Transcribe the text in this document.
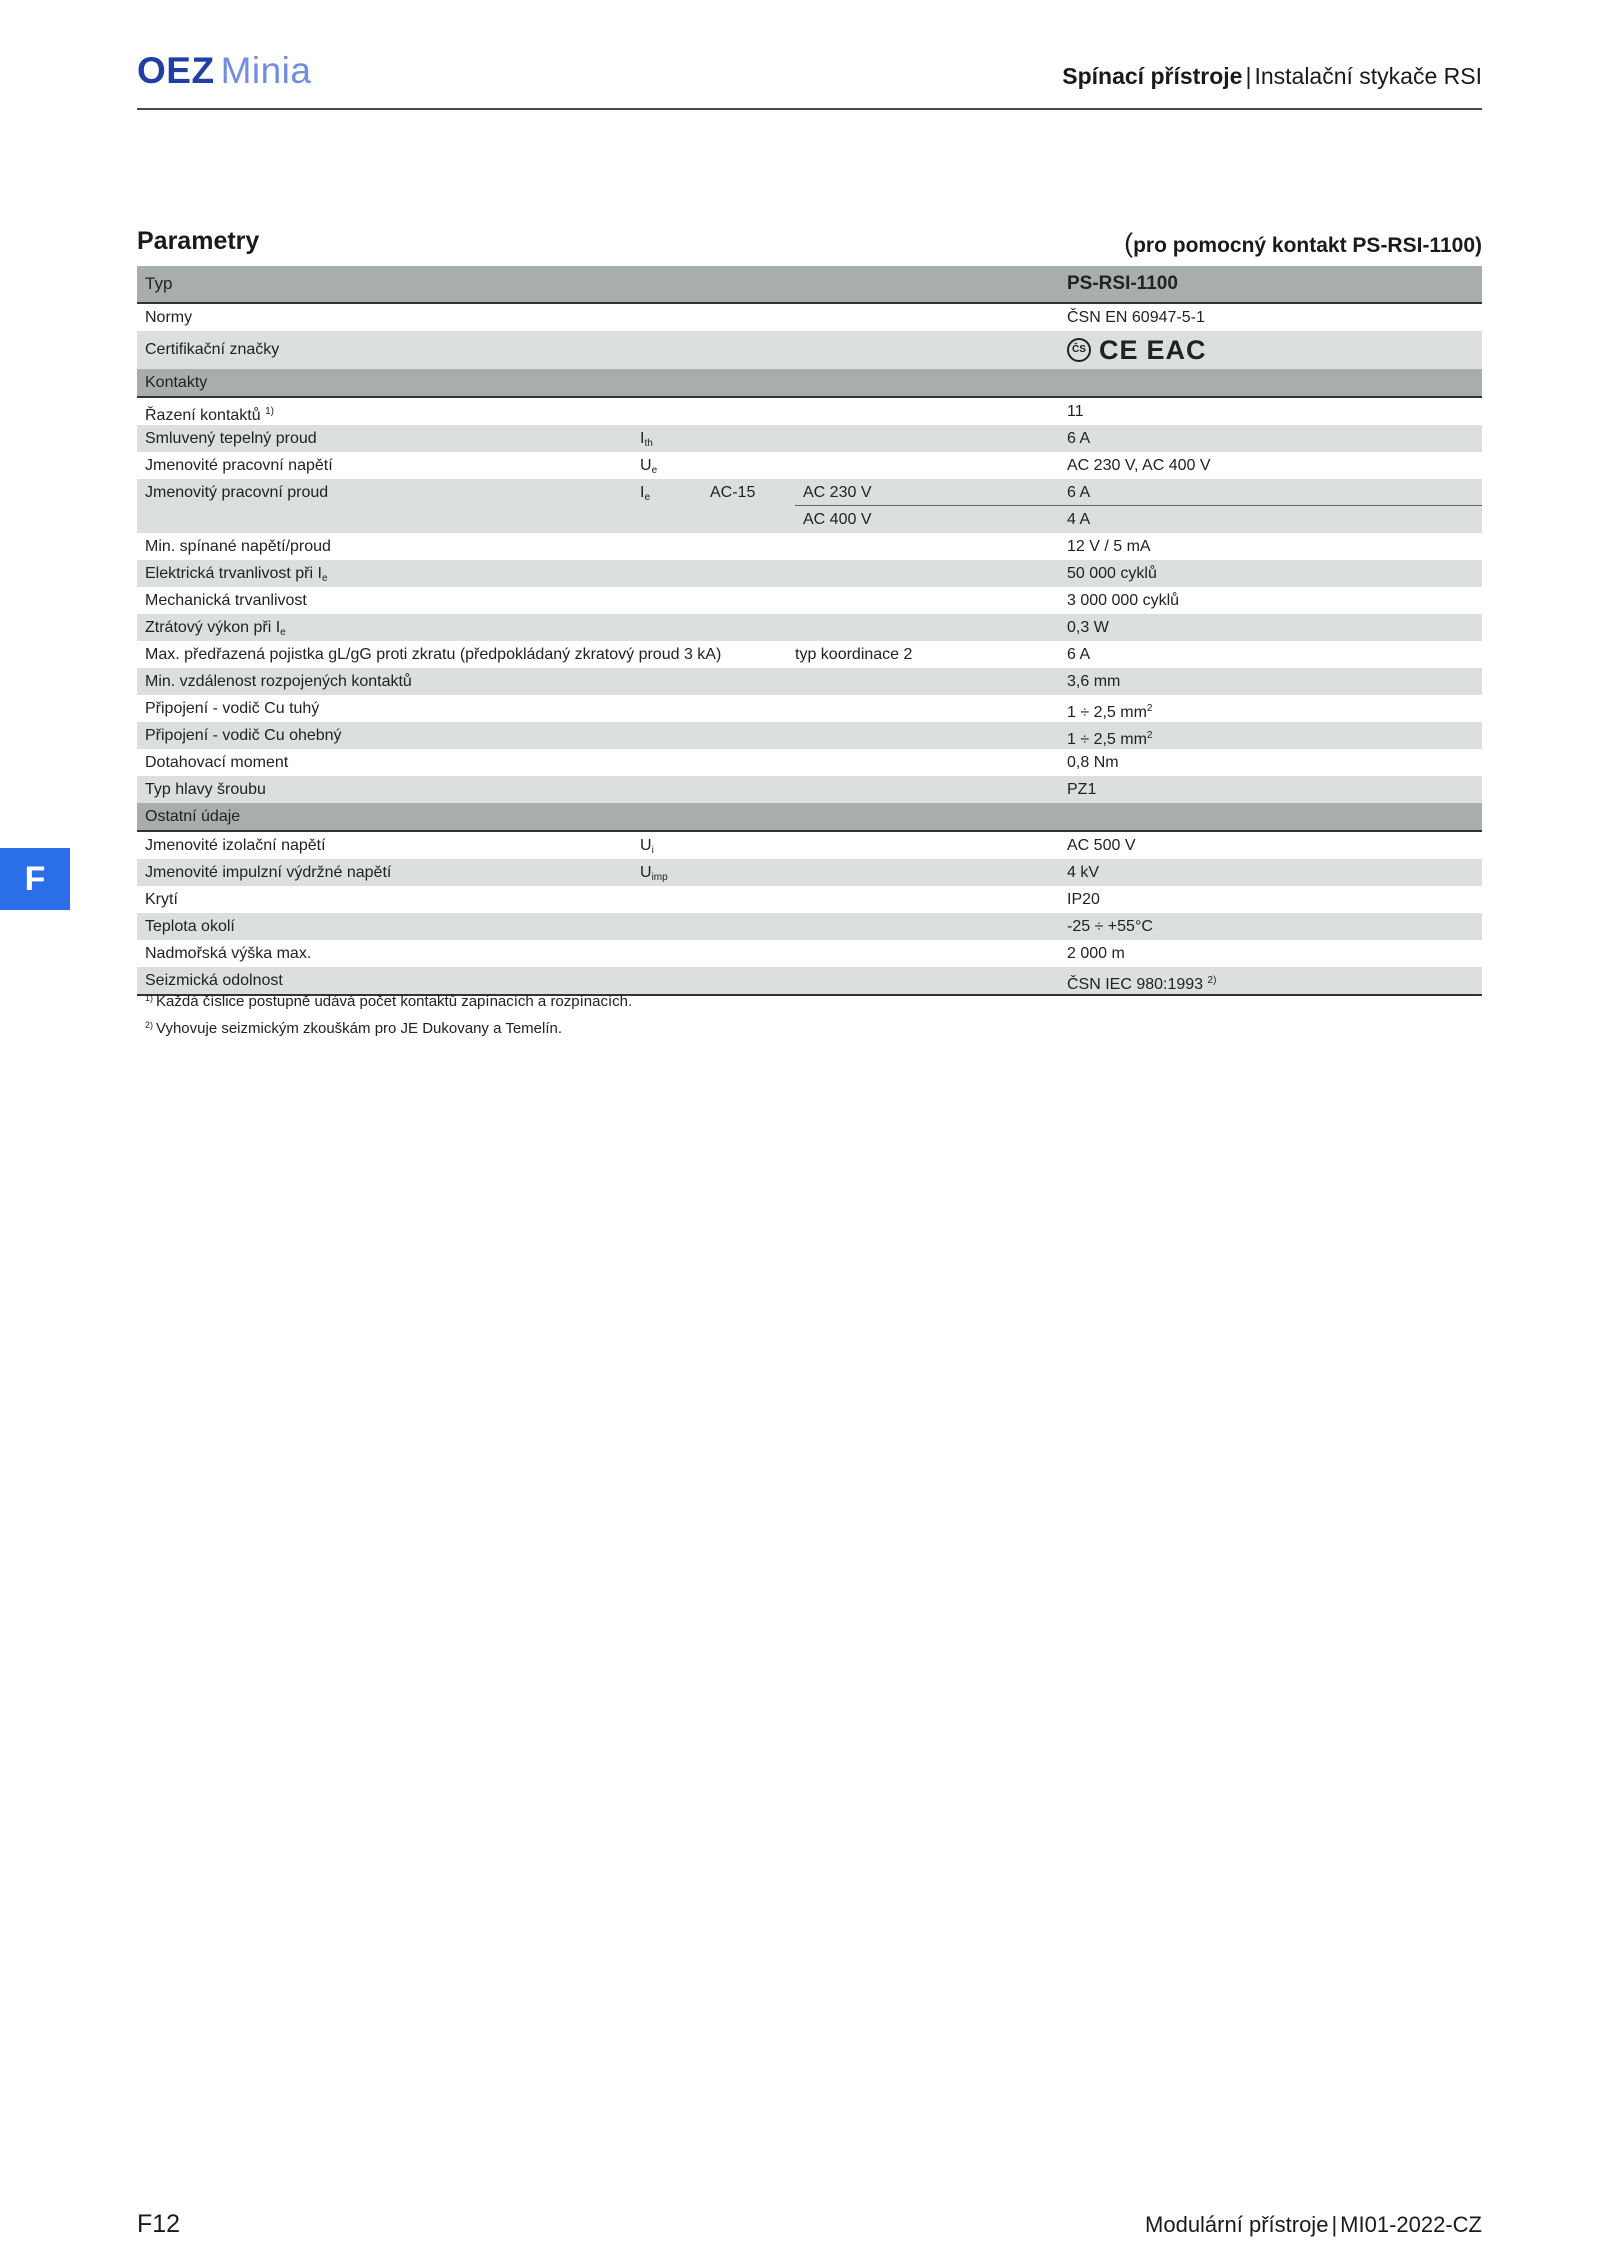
OEZ Minia	Spínací přístroje | Instalační stykače RSI
Parametry	(pro pomocný kontakt PS-RSI-1100)
Typ	PS-RSI-1100
Normy	ČSN EN 60947-5-1
Certifikační značky	ČS CE EAC
Kontakty
Řazení kontaktů $^{1)}$	11
Smluvený tepelný proud	$I_{th}$	6 A
Jmenovité pracovní napětí	$U_e$	AC 230 V, AC 400 V
Jmenovitý pracovní proud	$I_e$	AC-15	AC 230 V	6 A
AC 400 V	4 A
Min. spínané napětí/proud	12 V / 5 mA
Elektrická trvanlivost při $I_e$	50 000 cyklů
Mechanická trvanlivost	3 000 000 cyklů
Ztrátový výkon při $I_e$	0,3 W
Max. předřazená pojistka gL/gG proti zkratu (předpokládaný zkratový proud 3 kA)	typ koordinace 2	6 A
Min. vzdálenost rozpojených kontaktů	3,6 mm
Připojení - vodič Cu tuhý	1 ÷ 2,5 $mm^2$
Připojení - vodič Cu ohebný	1 ÷ 2,5 $mm^2$
Dotahovací moment	0,8 Nm
Typ hlavy šroubu	PZ1
Ostatní údaje
Jmenovité izolační napětí	$U_i$	AC 500 V
Jmenovité impulzní výdržné napětí	$U_{imp}$	4 kV
Krytí	IP20
Teplota okolí	-25 ÷ +55°C
Nadmořská výška max.	2 000 m
Seizmická odolnost	ČSN IEC 980:1993 $^{2)}$
$^{1)}$ Každá číslice postupně udává počet kontaktů zapínacích a rozpínacích.
$^{2)}$ Vyhovuje seizmickým zkouškám pro JE Dukovany a Temelín.
F
F12	Modulární přístroje | MI01-2022-CZ
